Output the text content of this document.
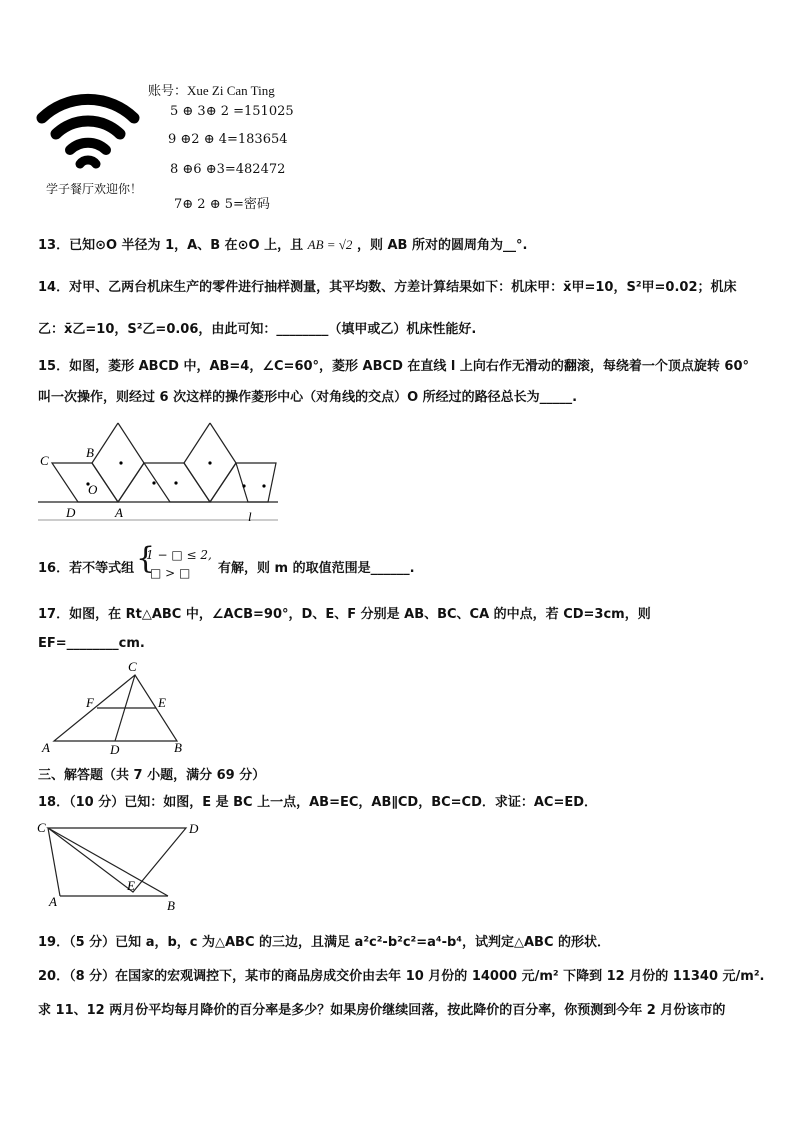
学子餐厅欢迎你！
账号：Xue Zi Can Ting
5 ⊕ 3⊕ 2 =151025
9 ⊕2 ⊕ 4=183654
8 ⊕6 ⊕3=482472
7⊕ 2 ⊕ 5=密码
13．已知⊙O 半径为 1，A、B 在⊙O 上，且 AB = √2 ，则 AB 所对的圆周角为__°.
14．对甲、乙两台机床生产的零件进行抽样测量，其平均数、方差计算结果如下：机床甲：x̄甲=10，S²甲=0.02；机床
乙：x̄乙=10，S²乙=0.06，由此可知：________（填甲或乙）机床性能好.
15．如图，菱形 ABCD 中，AB=4，∠C=60°，菱形 ABCD 在直线 l 上向右作无滑动的翻滚，每绕着一个顶点旋转 60°
叫一次操作，则经过 6 次这样的操作菱形中心（对角线的交点）O 所经过的路径总长为_____.
B
C
O
D	A	l
16．若不等式组 {
1 − □ ≤ 2,
□ > □ 有解，则 m 的取值范围是______.
17．如图，在 Rt△ABC 中，∠ACB=90°，D、E、F 分别是 AB、BC、CA 的中点，若 CD=3cm，则
EF=________cm.
C
F	E
A	D	B
三、解答题（共 7 小题，满分 69 分）
18．（10 分）已知：如图，E 是 BC 上一点，AB=EC，AB∥CD，BC=CD．求证：AC=ED．
C	D
E
A	B
19．（5 分）已知 a，b，c 为△ABC 的三边，且满足 a²c²-b²c²=a⁴-b⁴，试判定△ABC 的形状．
20．（8 分）在国家的宏观调控下，某市的商品房成交价由去年 10 月份的 14000 元/m² 下降到 12 月份的 11340 元/m².
求 11、12 两月份平均每月降价的百分率是多少？如果房价继续回落，按此降价的百分率，你预测到今年 2 月份该市的
